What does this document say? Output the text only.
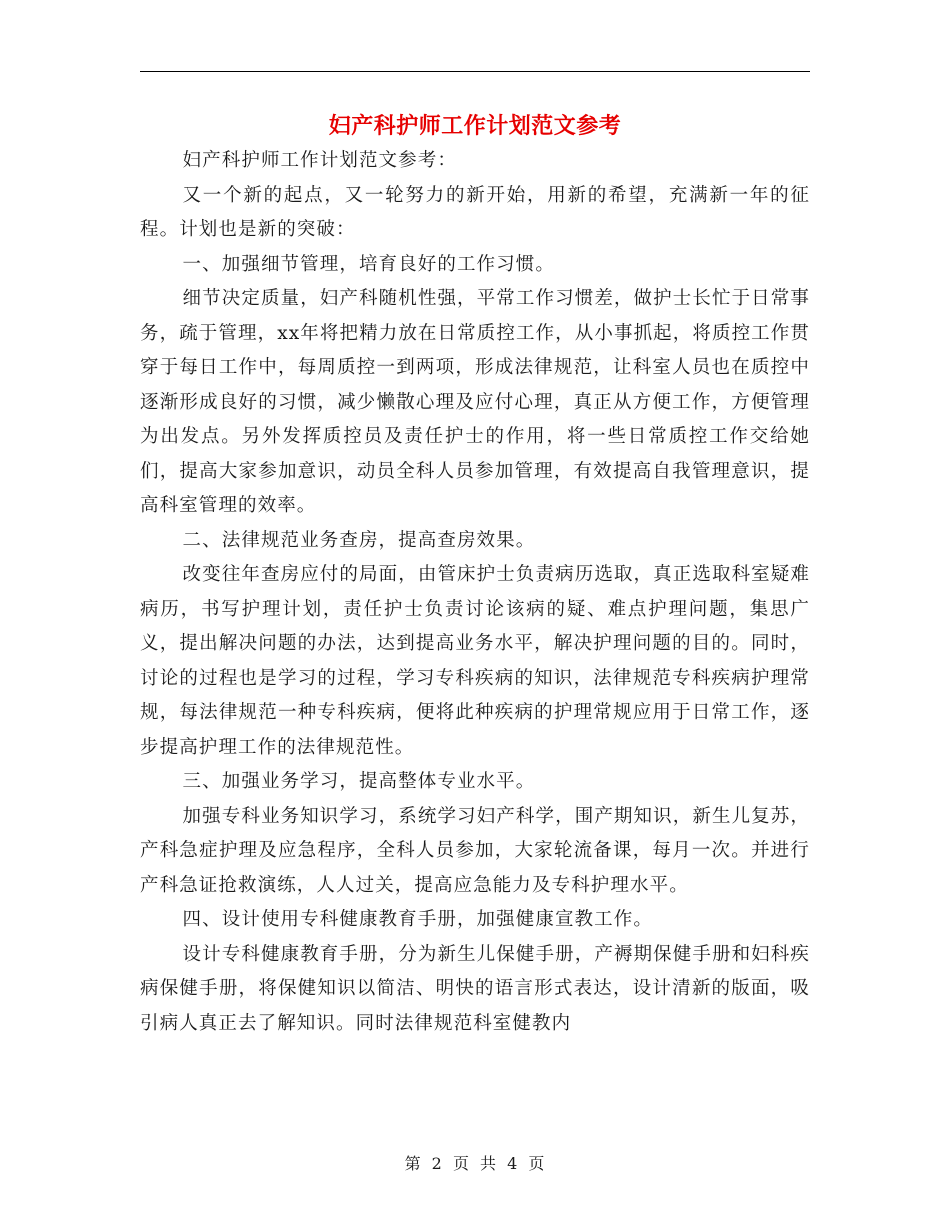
妇产科护师工作计划范文参考

妇产科护师工作计划范文参考：

又一个新的起点，又一轮努力的新开始，用新的希望，充满新一年的征程。计划也是新的突破：

一、加强细节管理，培育良好的工作习惯。

细节决定质量，妇产科随机性强，平常工作习惯差，做护士长忙于日常事务，疏于管理，xx年将把精力放在日常质控工作，从小事抓起，将质控工作贯穿于每日工作中，每周质控一到两项，形成法律规范，让科室人员也在质控中逐渐形成良好的习惯，减少懒散心理及应付心理，真正从方便工作，方便管理为出发点。另外发挥质控员及责任护士的作用，将一些日常质控工作交给她们，提高大家参加意识，动员全科人员参加管理，有效提高自我管理意识，提高科室管理的效率。

二、法律规范业务查房，提高查房效果。

改变往年查房应付的局面，由管床护士负责病历选取，真正选取科室疑难病历，书写护理计划，责任护士负责讨论该病的疑、难点护理问题，集思广义，提出解决问题的办法，达到提高业务水平，解决护理问题的目的。同时，讨论的过程也是学习的过程，学习专科疾病的知识，法律规范专科疾病护理常规，每法律规范一种专科疾病，便将此种疾病的护理常规应用于日常工作，逐步提高护理工作的法律规范性。

三、加强业务学习，提高整体专业水平。

加强专科业务知识学习，系统学习妇产科学，围产期知识，新生儿复苏，产科急症护理及应急程序，全科人员参加，大家轮流备课，每月一次。并进行产科急证抢救演练，人人过关，提高应急能力及专科护理水平。

四、设计使用专科健康教育手册，加强健康宣教工作。

设计专科健康教育手册，分为新生儿保健手册，产褥期保健手册和妇科疾病保健手册，将保健知识以简洁、明快的语言形式表达，设计清新的版面，吸引病人真正去了解知识。同时法律规范科室健教内

第 2 页 共 4 页
